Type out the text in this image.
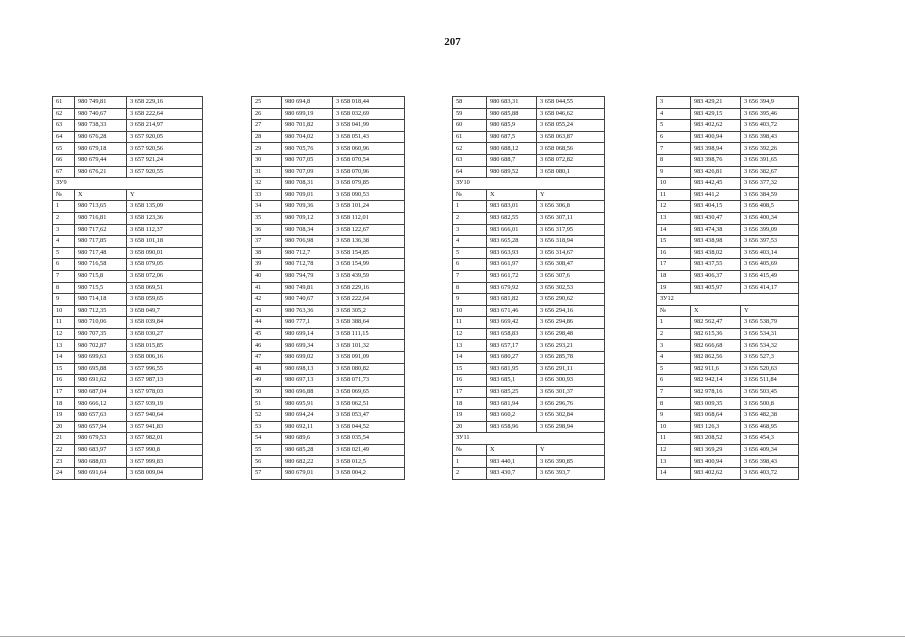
207
61	980 749,81	3 658 229,16
62	980 740,67	3 658 222,64
63	980 738,33	3 658 214,97
64	980 676,28	3 657 920,05
65	980 679,18	3 657 920,56
66	980 679,44	3 657 921,24
67	980 676,21	3 657 920,55
ЗУ9		
№	X	Y
1	980 713,65	3 658 135,09
2	980 716,81	3 658 123,36
3	980 717,62	3 658 112,37
4	980 717,85	3 658 101,18
5	980 717,48	3 658 090,01
6	980 716,58	3 658 079,05
7	980 715,8	3 658 072,06
8	980 715,5	3 658 069,51
9	980 714,18	3 658 059,65
10	980 712,35	3 658 049,7
11	980 710,06	3 658 039,84
12	980 707,35	3 658 030,27
13	980 702,87	3 658 015,85
14	980 699,63	3 658 006,16
15	980 695,88	3 657 996,55
16	980 691,62	3 657 987,13
17	980 687,04	3 657 978,03
18	980 666,12	3 657 939,19
19	980 657,63	3 657 940,64
20	980 657,94	3 657 941,83
21	980 679,53	3 657 982,01
22	980 683,97	3 657 990,8
23	980 688,03	3 657 999,83
24	980 691,64	3 658 009,04
25	980 694,8	3 658 018,44
26	980 699,19	3 658 032,69
27	980 701,82	3 658 041,99
28	980 704,02	3 658 051,43
29	980 705,76	3 658 060,96
30	980 707,05	3 658 070,54
31	980 707,09	3 658 070,96
32	980 708,31	3 658 079,85
33	980 709,01	3 658 090,53
34	980 709,36	3 658 101,24
35	980 709,12	3 658 112,01
36	980 708,34	3 658 122,67
37	980 706,98	3 658 136,38
38	980 712,7	3 658 154,85
39	980 712,78	3 658 154,99
40	980 794,79	3 658 439,59
41	980 749,81	3 658 229,16
42	980 740,67	3 658 222,64
43	980 763,36	3 658 305,2
44	980 777,1	3 658 388,64
45	980 699,14	3 658 111,15
46	980 699,34	3 658 101,32
47	980 699,02	3 658 091,09
48	980 698,13	3 658 080,82
49	980 697,13	3 658 071,73
50	980 696,88	3 658 069,65
51	980 695,91	3 658 062,51
52	980 694,24	3 658 053,47
53	980 692,11	3 658 044,52
54	980 689,6	3 658 035,54
55	980 685,28	3 658 021,49
56	980 682,22	3 658 012,5
57	980 679,01	3 658 004,2
58	980 683,31	3 658 044,55
59	980 685,88	3 658 046,62
60	980 685,9	3 658 055,24
61	980 687,5	3 658 063,87
62	980 688,12	3 658 068,56
63	980 688,7	3 658 072,82
64	980 689,52	3 658 080,1
ЗУ10		
№	X	Y
1	983 683,01	3 656 306,8
2	983 682,55	3 656 307,11
3	983 666,01	3 656 317,95
4	983 665,28	3 656 318,94
5	983 663,93	3 656 314,67
6	983 661,97	3 656 308,47
7	983 661,72	3 656 307,6
8	983 679,92	3 656 302,53
9	983 681,82	3 656 290,62
10	983 671,46	3 656 294,16
11	983 669,42	3 656 294,86
12	983 658,83	3 656 298,48
13	983 657,17	3 656 293,21
14	983 680,27	3 656 285,78
15	983 681,95	3 656 291,11
16	983 685,1	3 656 300,93
17	983 685,25	3 656 301,37
18	983 681,94	3 656 296,76
19	983 660,2	3 656 302,84
20	983 658,96	3 656 298,94
ЗУ11		
№	X	Y
1	983 440,1	3 656 390,85
2	983 430,7	3 656 393,7
3	983 429,21	3 656 394,9
4	983 429,15	3 656 395,46
5	983 402,62	3 656 403,72
6	983 400,94	3 656 398,43
7	983 398,94	3 656 392,26
8	983 398,76	3 656 391,65
9	983 426,81	3 656 382,67
10	983 442,45	3 656 377,32
11	983 441,2	3 656 384,59
12	983 404,15	3 656 408,5
13	983 430,47	3 656 400,34
14	983 474,38	3 656 399,09
15	983 438,98	3 656 397,53
16	983 438,02	3 656 403,14
17	983 437,55	3 656 405,69
18	983 406,37	3 656 415,49
19	983 405,97	3 656 414,17
ЗУ12		
№	X	Y
1	982 562,47	3 656 538,79
2	982 615,36	3 656 534,31
3	982 666,68	3 656 534,32
4	982 862,56	3 656 527,3
5	982 911,6	3 656 520,63
6	982 942,14	3 656 511,84
7	982 978,16	3 656 503,45
8	983 009,35	3 656 500,8
9	983 068,64	3 656 482,38
10	983 126,3	3 656 468,95
11	983 208,52	3 656 454,3
12	983 369,29	3 656 409,34
13	983 400,94	3 656 398,43
14	983 402,62	3 656 403,72
